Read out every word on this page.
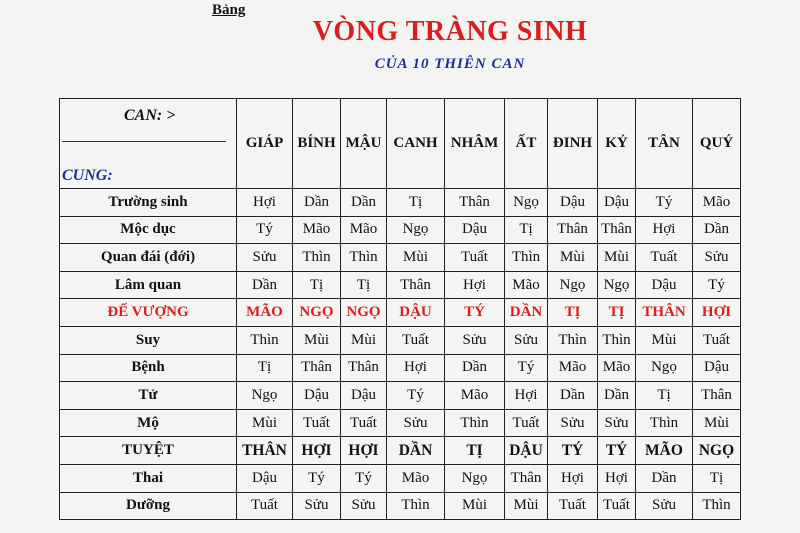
Bảng
VÒNG TRÀNG SINH
CỦA 10 THIÊN CAN
CAN: >
CUNG:	GIÁP	BÍNH	MẬU	CANH	NHÂM	ẤT	ĐINH	KỶ	TÂN	QUÝ
Trường sinh	Hợi	Dần	Dần	Tị	Thân	Ngọ	Dậu	Dậu	Tý	Mão
Mộc dục	Tý	Mão	Mão	Ngọ	Dậu	Tị	Thân	Thân	Hợi	Dần
Quan đái (đới)	Sửu	Thìn	Thìn	Mùi	Tuất	Thìn	Mùi	Mùi	Tuất	Sửu
Lâm quan	Dần	Tị	Tị	Thân	Hợi	Mão	Ngọ	Ngọ	Dậu	Tý
ĐẾ VƯỢNG	MÃO	NGỌ	NGỌ	DẬU	TÝ	DẦN	TỊ	TỊ	THÂN	HỢI
Suy	Thìn	Mùi	Mùi	Tuất	Sửu	Sửu	Thìn	Thìn	Mùi	Tuất
Bệnh	Tị	Thân	Thân	Hợi	Dần	Tý	Mão	Mão	Ngọ	Dậu
Tử	Ngọ	Dậu	Dậu	Tý	Mão	Hợi	Dần	Dần	Tị	Thân
Mộ	Mùi	Tuất	Tuất	Sửu	Thìn	Tuất	Sửu	Sửu	Thìn	Mùi
TUYỆT	THÂN	HỢI	HỢI	DẦN	TỊ	DẬU	TÝ	TÝ	MÃO	NGỌ
Thai	Dậu	Tý	Tý	Mão	Ngọ	Thân	Hợi	Hợi	Dần	Tị
Dưỡng	Tuất	Sửu	Sửu	Thìn	Mùi	Mùi	Tuất	Tuất	Sửu	Thìn
